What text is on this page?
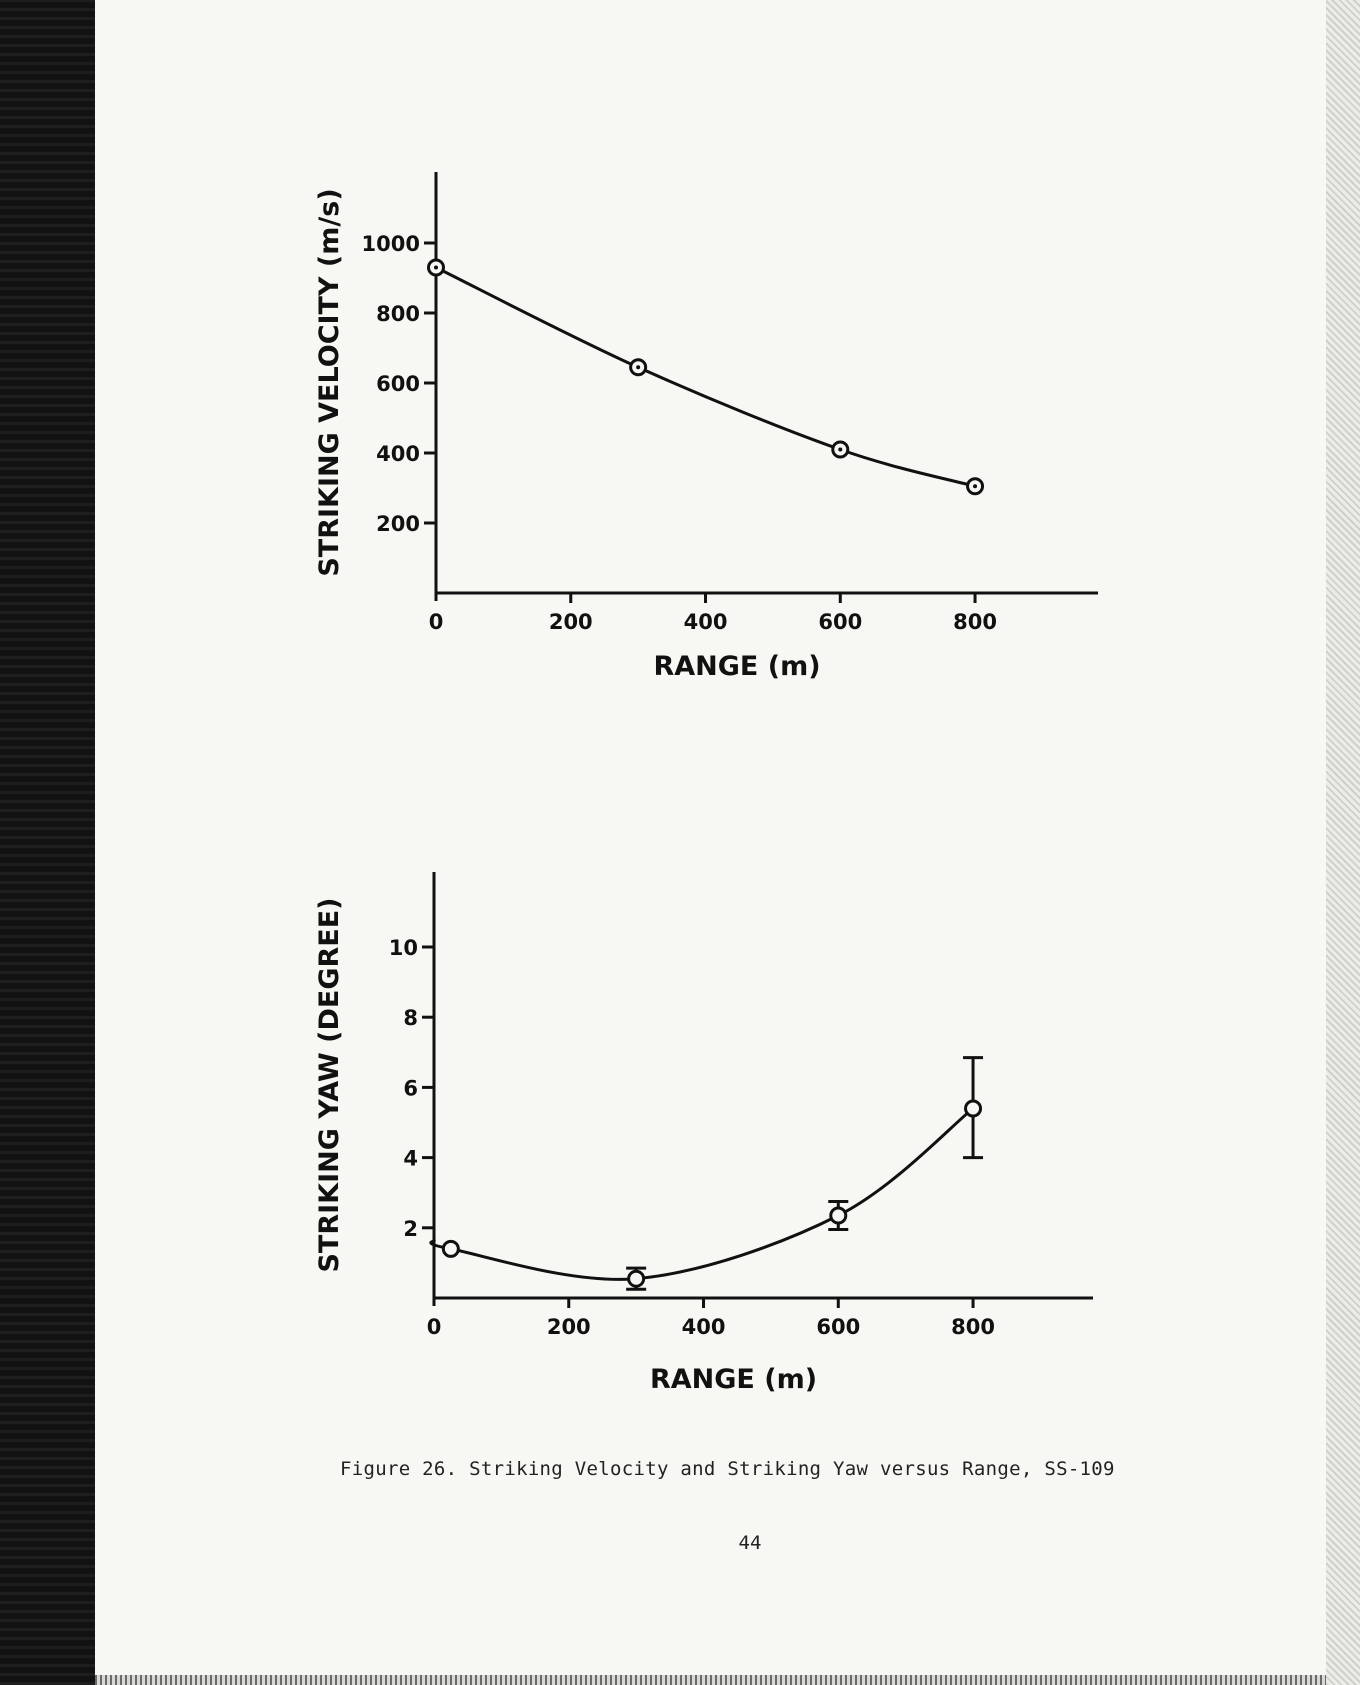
200
400
600
800
1000
0	200	400	600	800
RANGE (m)
STRIKING VELOCITY (m/s)
2
4
6
8
10
0	200	400	600	800
RANGE (m)
STRIKING YAW (DEGREE)
Figure 26. Striking Velocity and Striking Yaw versus Range, SS-109
44
